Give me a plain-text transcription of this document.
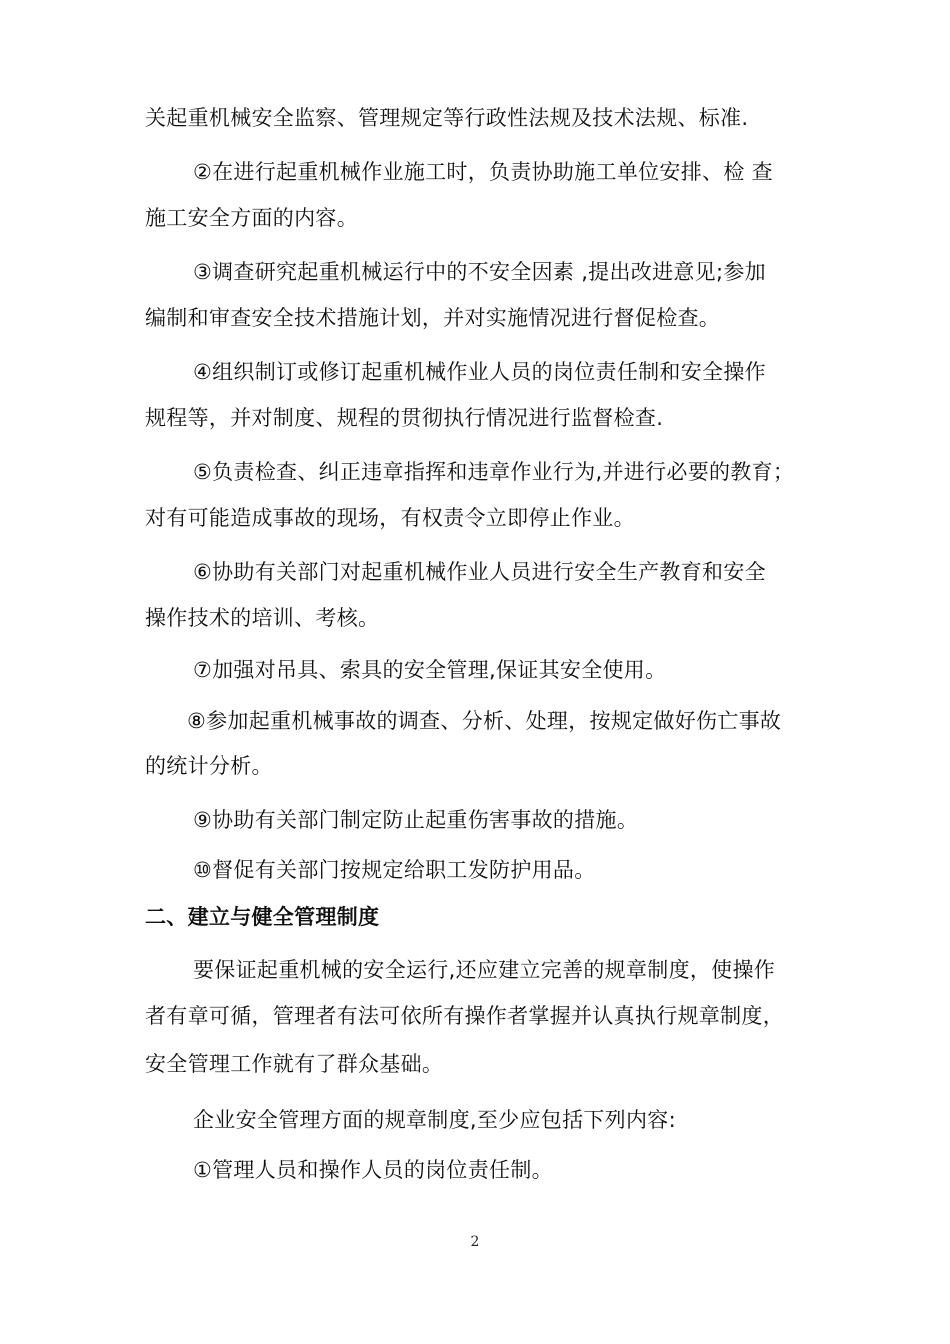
关起重机械安全监察、管理规定等行政性法规及技术法规、标准.
②在进行起重机械作业施工时，负责协助施工单位安排、检 查
施工安全方面的内容。
③调查研究起重机械运行中的不安全因素 ,提出改进意见;参加
编制和审查安全技术措施计划，并对实施情况进行督促检查。
④组织制订或修订起重机械作业人员的岗位责任制和安全操作
规程等，并对制度、规程的贯彻执行情况进行监督检查.
⑤负责检查、纠正违章指挥和违章作业行为,并进行必要的教育；
对有可能造成事故的现场，有权责令立即停止作业。
⑥协助有关部门对起重机械作业人员进行安全生产教育和安全
操作技术的培训、考核。
⑦加强对吊具、索具的安全管理,保证其安全使用。
⑧参加起重机械事故的调查、分析、处理，按规定做好伤亡事故
的统计分析。
⑨协助有关部门制定防止起重伤害事故的措施。
⑩督促有关部门按规定给职工发防护用品。
二、建立与健全管理制度
要保证起重机械的安全运行,还应建立完善的规章制度，使操作
者有章可循，管理者有法可依所有操作者掌握并认真执行规章制度，
安全管理工作就有了群众基础。
企业安全管理方面的规章制度,至少应包括下列内容:
①管理人员和操作人员的岗位责任制。
2
